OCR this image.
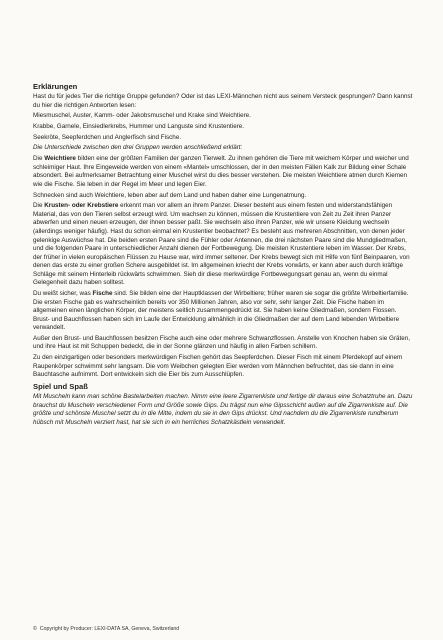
Erklärungen

Hast du für jedes Tier die richtige Gruppe gefunden? Oder ist das LEXI-Männchen nicht aus seinem Versteck gesprungen? Dann kannst du hier die richtigen Antworten lesen:

Miesmuschel, Auster, Kamm- oder Jakobsmuschel und Krake sind Weichtiere.

Krabbe, Garnele, Einsiedlerkrebs, Hummer und Languste sind Krustentiere.

Seekröte, Seepferdchen und Anglerfisch sind Fische.

Die Unterschiede zwischen den drei Gruppen werden anschließend erklärt:

Die Weichtiere bilden eine der größten Familien der ganzen Tierwelt. Zu ihnen gehören die Tiere mit weichem Körper und weicher und schleimiger Haut. Ihre Eingeweide werden von einem «Mantel» umschlossen, der in den meisten Fällen Kalk zur Bildung einer Schale absondert. Bei aufmerksamer Betrachtung einer Muschel wirst du dies besser verstehen. Die meisten Weichtiere atmen durch Kiemen wie die Fische. Sie leben in der Regel im Meer und legen Eier.

Schnecken sind auch Weichtiere, leben aber auf dem Land und haben daher eine Lungenatmung.

Die Krusten- oder Krebstiere erkennt man vor allem an ihrem Panzer. Dieser besteht aus einem festen und widerstandsfähigen Material, das von den Tieren selbst erzeugt wird. Um wachsen zu können, müssen die Krustentiere von Zeit zu Zeit ihren Panzer abwerfen und einen neuen erzeugen, der ihnen besser paßt. Sie wechseln also ihren Panzer, wie wir unsere Kleidung wechseln (allerdings weniger häufig). Hast du schon einmal ein Krustentier beobachtet? Es besteht aus mehreren Abschnitten, von denen jeder gelenkige Auswüchse hat. Die beiden ersten Paare sind die Fühler oder Antennen, die drei nächsten Paare sind die Mundgliedmaßen, und die folgenden Paare in unterschiedlicher Anzahl dienen der Fortbewegung. Die meisten Krustentiere leben im Wasser. Der Krebs, der früher in vielen europäischen Flüssen zu Hause war, wird immer seltener. Der Krebs bewegt sich mit Hilfe von fünf Beinpaaren, von denen das erste zu einer großen Schere ausgebildet ist. Im allgemeinen kriecht der Krebs vorwärts, er kann aber auch durch kräftige Schläge mit seinem Hinterleib rückwärts schwimmen. Sieh dir diese merkwürdige Fortbewegungsart genau an, wenn du einmal Gelegenheit dazu haben solltest.

Du weißt sicher, was Fische sind. Sie bilden eine der Hauptklassen der Wirbeltiere; früher waren sie sogar die größte Wirbeltierfamilie. Die ersten Fische gab es wahrscheinlich bereits vor 350 Millionen Jahren, also vor sehr, sehr langer Zeit. Die Fische haben im allgemeinen einen länglichen Körper, der meistens seitlich zusammengedrückt ist. Sie haben keine Gliedmaßen, sondern Flossen. Brust- und Bauchflossen haben sich im Laufe der Entwicklung allmählich in die Gliedmaßen der auf dem Land lebenden Wirbeltiere verwandelt.

Außer den Brust- und Bauchflossen besitzen Fische auch eine oder mehrere Schwanzflossen. Anstelle von Knochen haben sie Gräten, und ihre Haut ist mit Schuppen bedeckt, die in der Sonne glänzen und häufig in allen Farben schillern.

Zu den einzigartigen oder besonders merkwürdigen Fischen gehört das Seepferdchen. Dieser Fisch mit einem Pferdekopf auf einem Raupenkörper schwimmt sehr langsam. Die vom Weibchen gelegten Eier werden vom Männchen befruchtet, das sie dann in eine Bauchtasche aufnimmt. Dort entwickeln sich die Eier bis zum Ausschlüpfen.

Spiel und Spaß

Mit Muscheln kann man schöne Bastelarbeiten machen. Nimm eine leere Zigarrenkiste und fertige dir daraus eine Schatztruhe an. Dazu brauchst du Muscheln verschiedener Form und Größe sowie Gips. Du trägst nun eine Gipsschicht außen auf die Zigarrenkiste auf. Die größte und schönste Muschel setzt du in die Mitte, indem du sie in den Gips drückst. Und nachdem du die Zigarrenkiste rundherum hübsch mit Muscheln verziert hast, hat sie sich in ein herrliches Schatzkästlein verwandelt.

© Copyright by Producer: LEXI-DATA SA, Geneva, Switzerland
